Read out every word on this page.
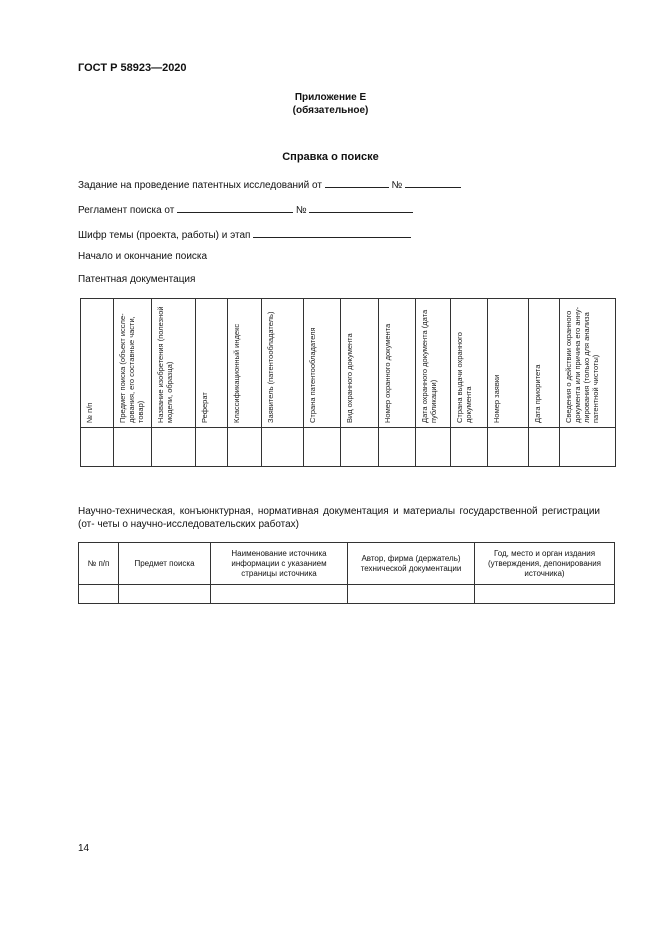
ГОСТ Р 58923—2020
Приложение Е
(обязательное)
Справка о поиске
Задание на проведение патентных исследований от	№
Регламент поиска от	№
Шифр темы (проекта, работы) и этап
Начало и окончание поиска
Патентная документация
№ п/п	Предмет поиска (объект иссле- дования, его составные части, товар)	Название изобретения (полезной модели, образца)	Реферат	Классификационный индекс	Заявитель (патентообладатель)	Страна патентообладателя	Вид охранного документа	Номер охранного документа	Дата охранного документа (дата публикации)	Страна выдачи охранного документа	Номер заявки	Дата приоритета	Сведения о действии охранного документа или причина его анну- лирования (только для анализа патентной чистоты)

Научно-техническая, конъюнктурная, нормативная документация и материалы государственной регистрации (от- четы о научно-исследовательских работах)
№ п/п	Предмет поиска	Наименование источника информации с указанием страницы источника	Автор, фирма (держатель) технической документации	Год, место и орган издания (утверждения, депонирования источника)

14
